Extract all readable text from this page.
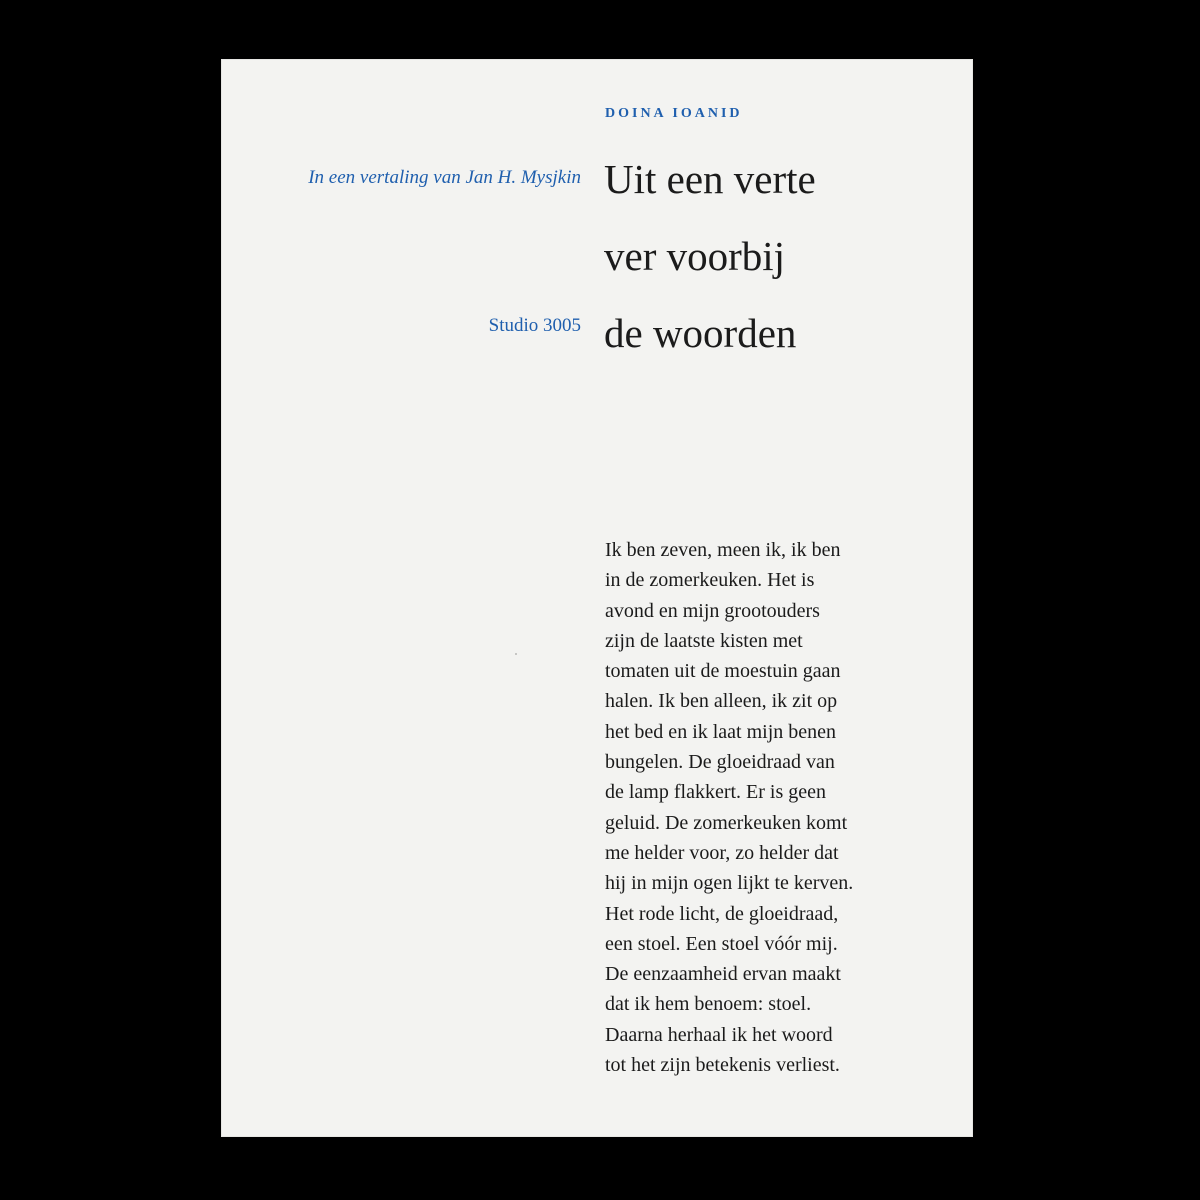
DOINA IOANID
In een vertaling van Jan H. Mysjkin
Studio 3005
Uit een verte
ver voorbij
de woorden
Ik ben zeven, meen ik, ik ben
in de zomerkeuken. Het is
avond en mijn grootouders
zijn de laatste kisten met
tomaten uit de moestuin gaan
halen. Ik ben alleen, ik zit op
het bed en ik laat mijn benen
bungelen. De gloeidraad van
de lamp flakkert. Er is geen
geluid. De zomerkeuken komt
me helder voor, zo helder dat
hij in mijn ogen lijkt te kerven.
Het rode licht, de gloeidraad,
een stoel. Een stoel vóór mij.
De eenzaamheid ervan maakt
dat ik hem benoem: stoel.
Daarna herhaal ik het woord
tot het zijn betekenis verliest.
